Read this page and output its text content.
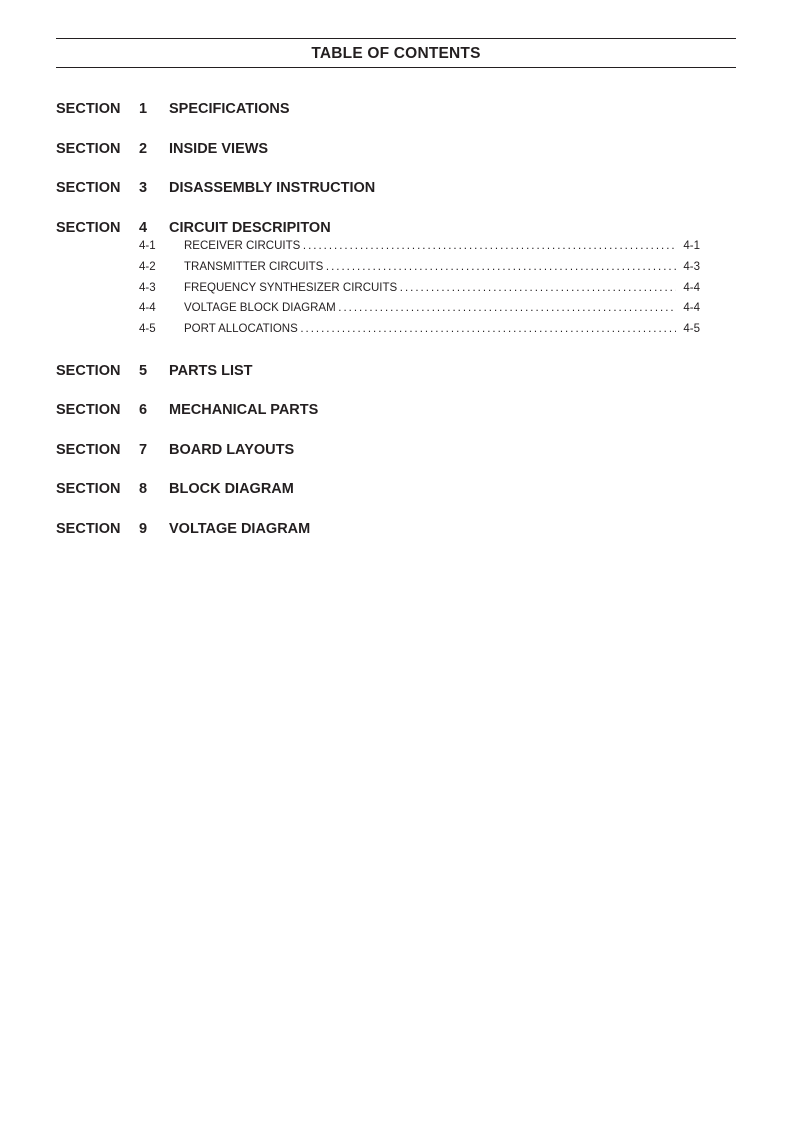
TABLE OF CONTENTS
SECTION 1 SPECIFICATIONS
SECTION 2 INSIDE VIEWS
SECTION 3 DISASSEMBLY INSTRUCTION
SECTION 4 CIRCUIT DESCRIPITON
4-1 RECEIVER CIRCUITS . . .	4-1
4-2 TRANSMITTER CIRCUITS . . .	4-3
4-3 FREQUENCY SYNTHESIZER CIRCUITS . . .	4-4
4-4 VOLTAGE BLOCK DIAGRAM . . .	4-4
4-5 PORT ALLOCATIONS . . .	4-5
SECTION 5 PARTS LIST
SECTION 6 MECHANICAL PARTS
SECTION 7 BOARD LAYOUTS
SECTION 8 BLOCK DIAGRAM
SECTION 9 VOLTAGE DIAGRAM
